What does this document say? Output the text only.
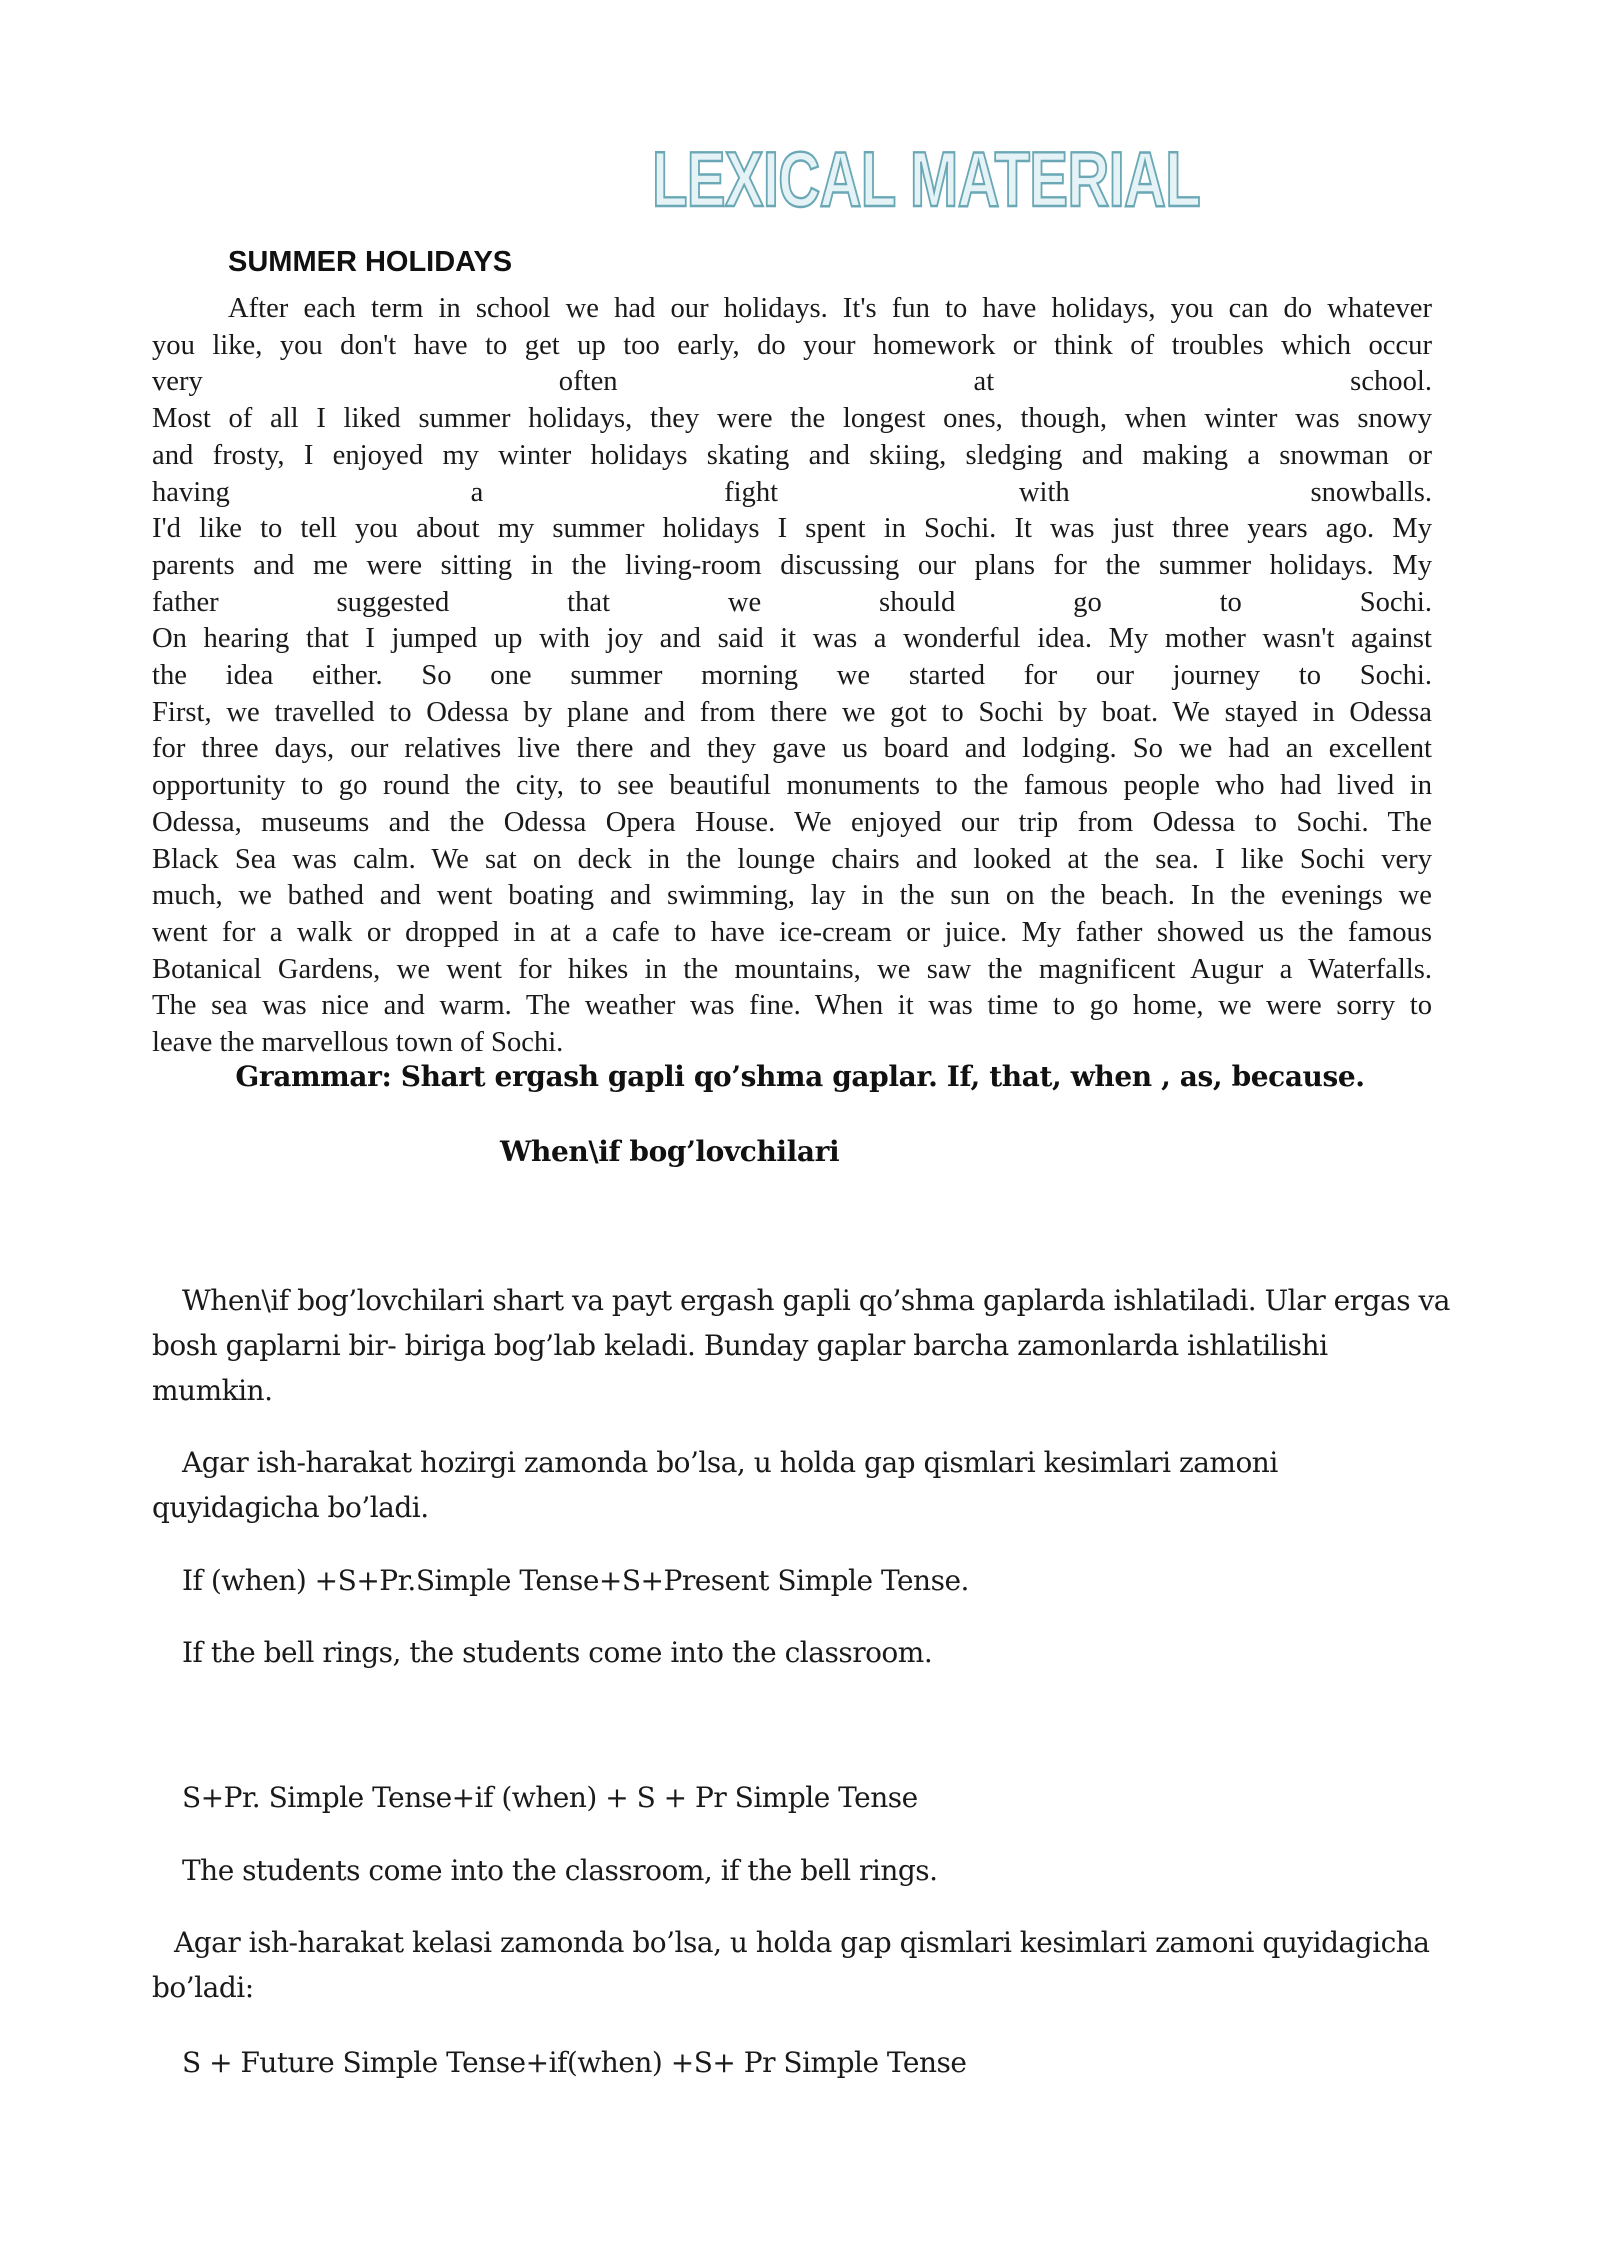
LEXICAL MATERIAL
SUMMER HOLIDAYS

After each term in school we had our holidays. It's fun to have holidays, you can do whatever

you like, you don't have to get up too early, do your homework or think of troubles which occur

very often at school.

Most of all I liked summer holidays, they were the longest ones, though, when winter was snowy

and frosty, I enjoyed my winter holidays skating and skiing, sledging and making a snowman or

having a fight with snowballs.

I'd like to tell you about my summer holidays I spent in Sochi. It was just three years ago. My

parents and me were sitting in the living-room discussing our plans for the summer holidays. My

father suggested that we should go to Sochi.

On hearing that I jumped up with joy and said it was a wonderful idea. My mother wasn't against

the idea either. So one summer morning we started for our journey to Sochi.

First, we travelled to Odessa by plane and from there we got to Sochi by boat. We stayed in Odessa

for three days, our relatives live there and they gave us board and lodging. So we had an excellent

opportunity to go round the city, to see beautiful monuments to the famous people who had lived in

Odessa, museums and the Odessa Opera House. We enjoyed our trip from Odessa to Sochi. The

Black Sea was calm. We sat on deck in the lounge chairs and looked at the sea. I like Sochi very

much, we bathed and went boating and swimming, lay in the sun on the beach. In the evenings we

went for a walk or dropped in at a cafe to have ice-cream or juice. My father showed us the famous

Botanical Gardens, we went for hikes in the mountains, we saw the magnificent Augur a Waterfalls.

The sea was nice and warm. The weather was fine. When it was time to go home, we were sorry to

leave the marvellous town of Sochi.

Grammar: Shart ergash gapli qo’shma gaplar. If, that, when , as, because.
When\if bog’lovchilari

When\if bog’lovchilari shart va payt ergash gapli qo’shma gaplarda ishlatiladi. Ular ergas va bosh gaplarni bir- biriga bog’lab keladi. Bunday gaplar barcha zamonlarda ishlatilishi mumkin.

Agar ish-harakat hozirgi zamonda bo’lsa, u holda gap qismlari kesimlari zamoni quyidagicha bo’ladi.

If (when) +S+Pr.Simple Tense+S+Present Simple Tense.

If the bell rings, the students come into the classroom.

S+Pr. Simple Tense+if (when) + S + Pr Simple Tense

The students come into the classroom, if the bell rings.

Agar ish-harakat kelasi zamonda bo’lsa, u holda gap qismlari kesimlari zamoni quyidagicha bo’ladi:

S + Future Simple Tense+if(when) +S+ Pr Simple Tense
